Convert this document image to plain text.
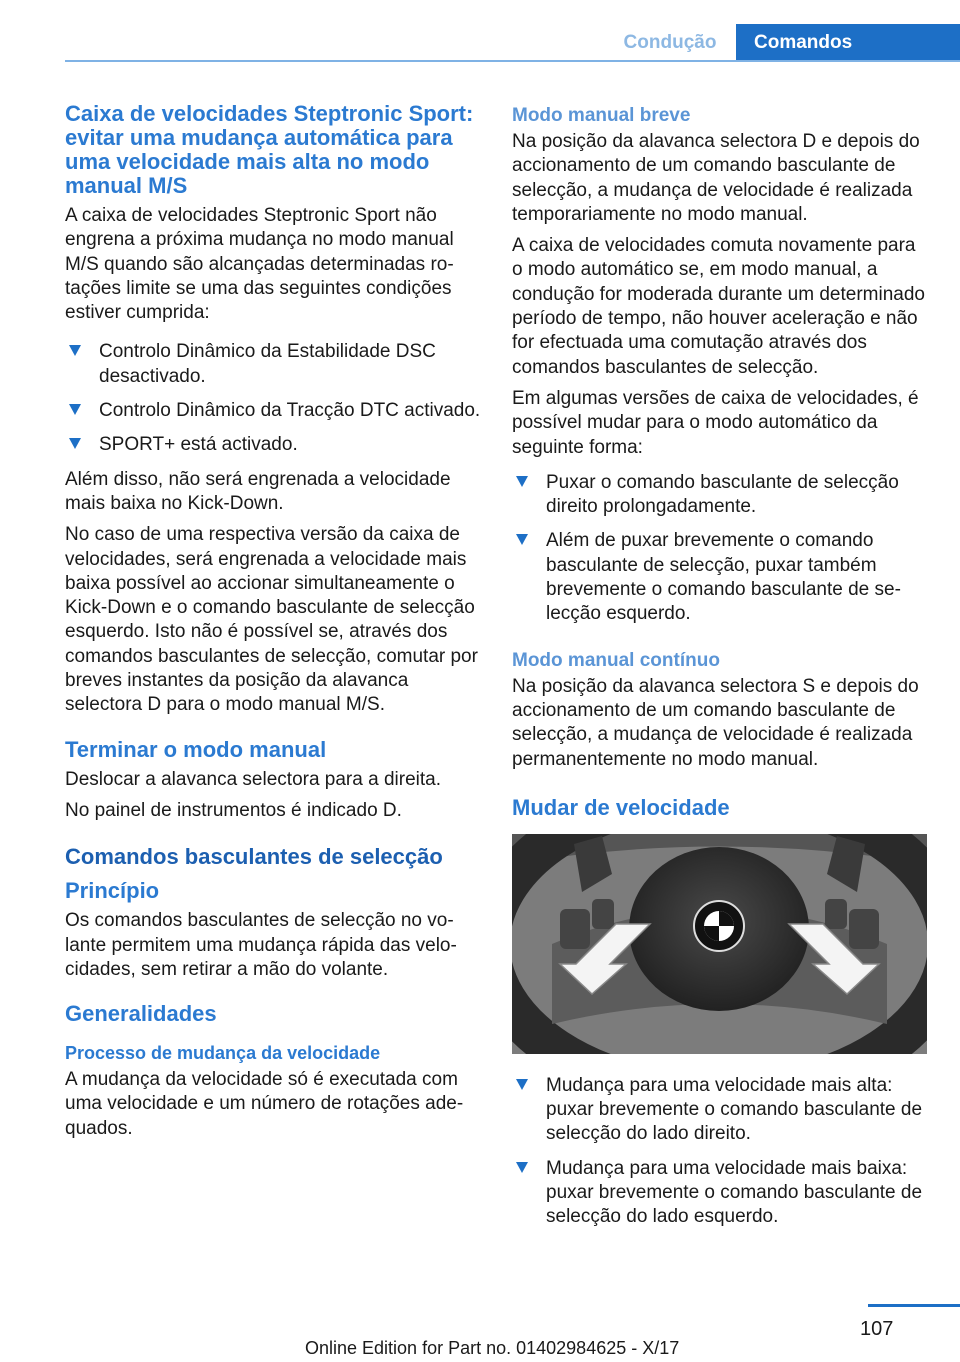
Condução	Comandos
Caixa de velocidades Steptronic Sport: evitar uma mudança automática para uma velocidade mais alta no modo manual M/S
A caixa de velocidades Steptronic Sport não engrena a próxima mudança no modo manual M/S quando são alcançadas determinadas rotações limite se uma das seguintes condições estiver cumprida:
Controlo Dinâmico da Estabilidade DSC desactivado.
Controlo Dinâmico da Tracção DTC activado.
SPORT+ está activado.
Além disso, não será engrenada a velocidade mais baixa no Kick-Down.
No caso de uma respectiva versão da caixa de velocidades, será engrenada a velocidade mais baixa possível ao accionar simultaneamente o Kick-Down e o comando basculante de selecção esquerdo. Isto não é possível se, através dos comandos basculantes de selecção, comutar por breves instantes da posição da alavanca selectora D para o modo manual M/S.
Terminar o modo manual
Deslocar a alavanca selectora para a direita.
No painel de instrumentos é indicado D.
Comandos basculantes de selecção
Princípio
Os comandos basculantes de selecção no volante permitem uma mudança rápida das velocidades, sem retirar a mão do volante.
Generalidades
Processo de mudança da velocidade
A mudança da velocidade só é executada com uma velocidade e um número de rotações adequados.
Modo manual breve
Na posição da alavanca selectora D e depois do accionamento de um comando basculante de selecção, a mudança de velocidade é realizada temporariamente no modo manual.
A caixa de velocidades comuta novamente para o modo automático se, em modo manual, a condução for moderada durante um determinado período de tempo, não houver aceleração e não for efectuada uma comutação através dos comandos basculantes de selecção.
Em algumas versões de caixa de velocidades, é possível mudar para o modo automático da seguinte forma:
Puxar o comando basculante de selecção direito prolongadamente.
Além de puxar brevemente o comando basculante de selecção, puxar também brevemente o comando basculante de selecção esquerdo.
Modo manual contínuo
Na posição da alavanca selectora S e depois do accionamento de um comando basculante de selecção, a mudança de velocidade é realizada permanentemente no modo manual.
Mudar de velocidade
Mudança para uma velocidade mais alta: puxar brevemente o comando basculante de selecção do lado direito.
Mudança para uma velocidade mais baixa: puxar brevemente o comando basculante de selecção do lado esquerdo.
107
Online Edition for Part no. 01402984625 - X/17
